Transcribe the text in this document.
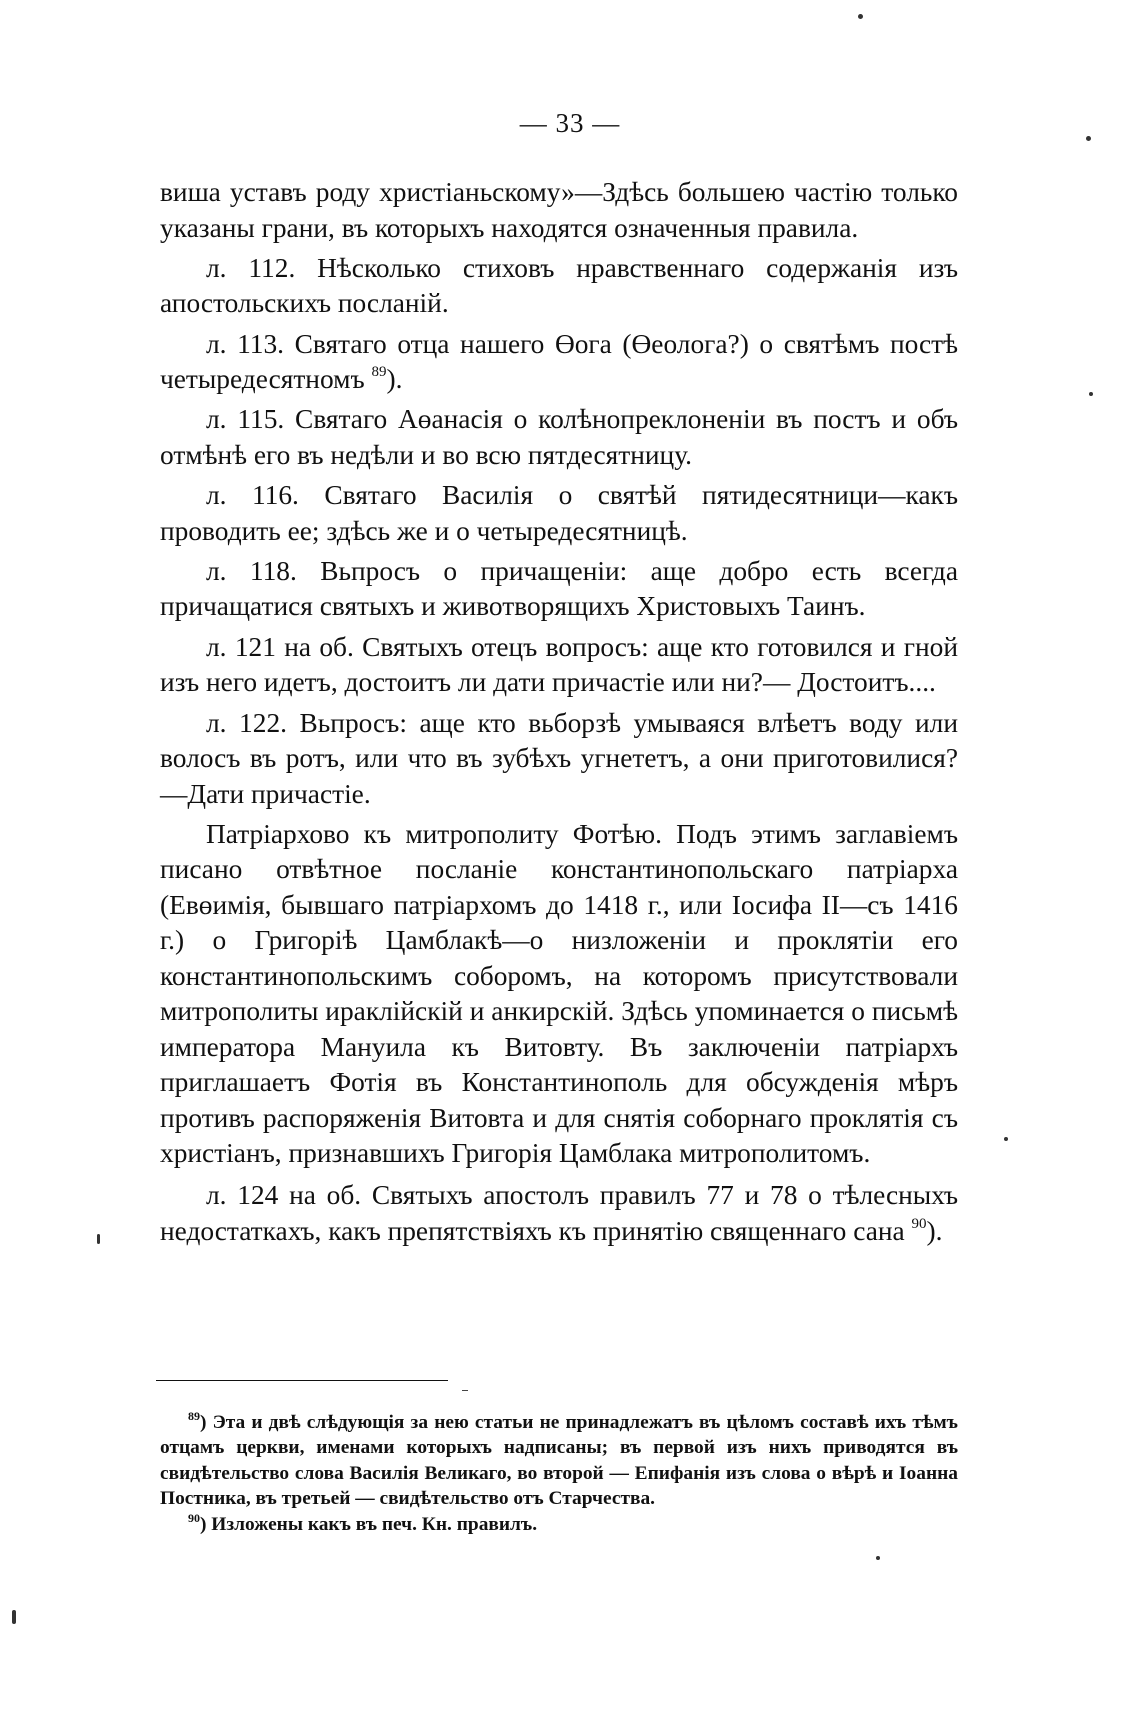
— 33 —

виша уставъ роду христіаньскому»—Здѣсь большею частію только указаны грани, въ которыхъ находятся означенныя правила.

л. 112. Нѣсколько стиховъ нравственнаго содержанія изъ апостольскихъ посланій.

л. 113. Святаго отца нашего Өога (Өеолога?) о святѣмъ постѣ четыредесятномъ $^{89}$).

л. 115. Святаго Аөанасія о колѣнопреклоненіи въ постъ и объ отмѣнѣ его въ недѣли и во всю пятдесятницу.

л. 116. Святаго Василія о святѣй пятидесятници—какъ проводить ее; здѣсь же и о четыредесятницѣ.

л. 118. Вьпросъ о причащеніи: аще добро есть всегда причащатися святыхъ и животворящихъ Христовыхъ Таинъ.

л. 121 на об. Святыхъ отецъ вопросъ: аще кто готовился и гной изъ него идетъ, достоитъ ли дати причастіе или ни?— Достоитъ....

л. 122. Вьпросъ: аще кто вьборзѣ умываяся влѣетъ воду или волосъ въ ротъ, или что въ зубѣхъ угнететъ, а они приготовилися?—Дати причастіе.

Патріархово къ митрополиту Фотѣю. Подъ этимъ заглавіемъ писано отвѣтное посланіе константинопольскаго патріарха (Евөимія, бывшаго патріархомъ до 1418 г., или Іосифа II—съ 1416 г.) о Григоріѣ Цамблакѣ—о низложеніи и проклятіи его константинопольскимъ соборомъ, на которомъ присутствовали митрополиты ираклійскій и анкирскій. Здѣсь упоминается о письмѣ императора Мануила къ Витовту. Въ заключеніи патріархъ приглашаетъ Фотія въ Константинополь для обсужденія мѣръ противъ распоряженія Витовта и для снятія соборнаго проклятія съ христіанъ, признавшихъ Григорія Цамблака митрополитомъ.

л. 124 на об. Святыхъ апостолъ правилъ 77 и 78 о тѣлесныхъ недостаткахъ, какъ препятствіяхъ къ принятію священнаго сана $^{90}$).

$^{89}$) Эта и двѣ слѣдующія за нею статьи не принадлежатъ въ цѣломъ составѣ ихъ тѣмъ отцамъ церкви, именами которыхъ надписаны; въ первой изъ нихъ приводятся въ свидѣтельство слова Василія Великаго, во второй — Епифанія изъ слова о вѣрѣ и Іоанна Постника, въ третьей — свидѣтельство отъ Старчества.

$^{90}$) Изложены какъ въ печ. Кн. правилъ.
